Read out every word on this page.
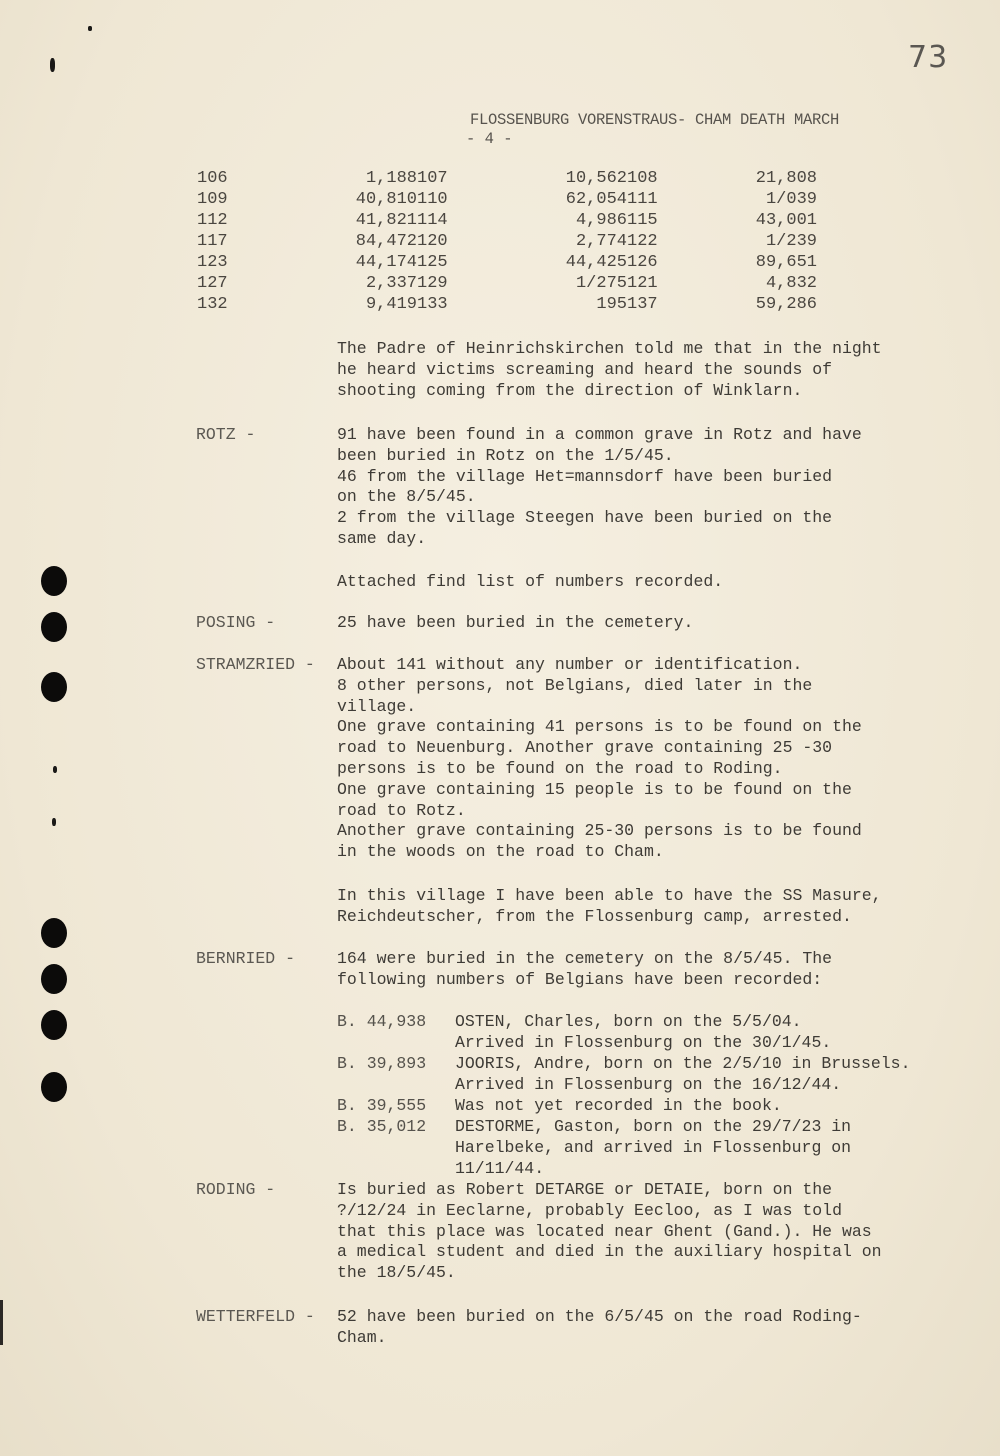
73
FLOSSENBURG VORENSTRAUS- CHAM DEATH MARCH
- 4 -
106	1,188	107	10,562	108	21,808
109	40,810	110	62,054	111	1/039
112	41,821	114	4,986	115	43,001
117	84,472	120	2,774	122	1/239
123	44,174	125	44,425	126	89,651
127	2,337	129	1/275	121	4,832
132	9,419	133	195	137	59,286
The Padre of Heinrichskirchen told me that in the night
he heard victims screaming and heard the sounds of
shooting coming from the direction of Winklarn.
ROTZ -	91 have been found in a common grave in Rotz and have
been buried in Rotz on the 1/5/45.
46 from the village Het=mannsdorf have been buried
on the 8/5/45.
2 from the village Steegen have been buried on the
same day.
Attached find list of numbers recorded.
POSING -	25 have been buried in the cemetery.
STRAMZRIED - About 141 without any number or identification.
8 other persons, not Belgians, died later in the
village.
One grave containing 41 persons is to be found on the
road to Neuenburg. Another grave containing 25 -30
persons is to be found on the road to Roding.
One grave containing 15 people is to be found on the
road to Rotz.
Another grave containing 25-30 persons is to be found
in the woods on the road to Cham.
In this village I have been able to have the SS Masure,
Reichdeutscher, from the Flossenburg camp, arrested.
BERNRIED -	164 were buried in the cemetery on the 8/5/45. The
following numbers of Belgians have been recorded:
B. 44,938 OSTEN, Charles, born on the 5/5/04.
Arrived in Flossenburg on the 30/1/45.
B. 39,893 JOORIS, Andre, born on the 2/5/10 in Brussels.
Arrived in Flossenburg on the 16/12/44.
B. 39,555 Was not yet recorded in the book.
B. 35,012 DESTORME, Gaston, born on the 29/7/23 in
Harelbeke, and arrived in Flossenburg on
11/11/44.
RODING -	Is buried as Robert DETARGE or DETAIE, born on the
?/12/24 in Eeclarne, probably Eecloo, as I was told
that this place was located near Ghent (Gand.). He was
a medical student and died in the auxiliary hospital on
the 18/5/45.
WETTERFELD - 52 have been buried on the 6/5/45 on the road Roding-
Cham.
